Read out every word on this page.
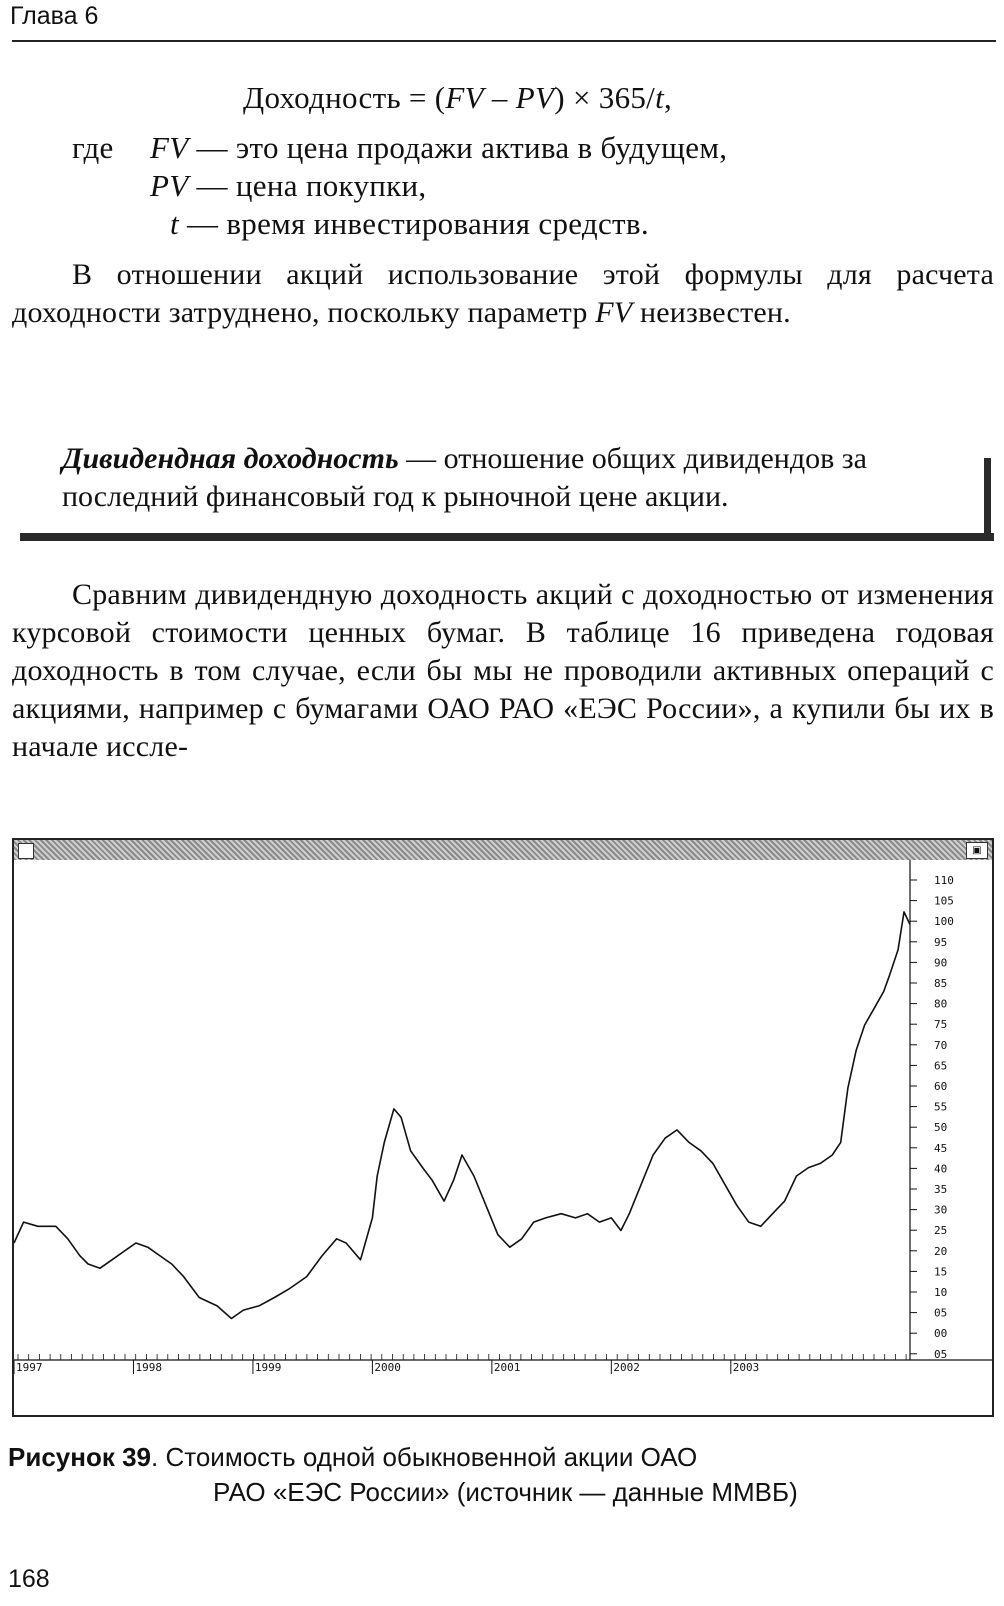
Глава 6
Доходность = (FV – PV) × 365/t,
где FV — это цена продажи актива в будущем,
PV — цена покупки,
t — время инвестирования средств.
В отношении акций использование этой формулы для расчета доходности затруднено, поскольку параметр FV неизвестен.
Дивидендная доходность — отношение общих дивидендов за последний финансовый год к рыночной цене акции.
Сравним дивидендную доходность акций с доходностью от изменения курсовой стоимости ценных бумаг. В таблице 16 приведена годовая доходность в том случае, если бы мы не проводили активных операций с акциями, например с бумагами ОАО РАО «ЕЭС России», а купили бы их в начале иссле-
▣
110
105
100
95
90
85
80
75
70
65
60
55
50
45
40
35
30
25
20
15
10
05
00
05
1997	1998	1999	2000	2001	2002	2003
Рисунок 39. Стоимость одной обыкновенной акции ОАО
РАО «ЕЭС России» (источник — данные ММВБ)
168
